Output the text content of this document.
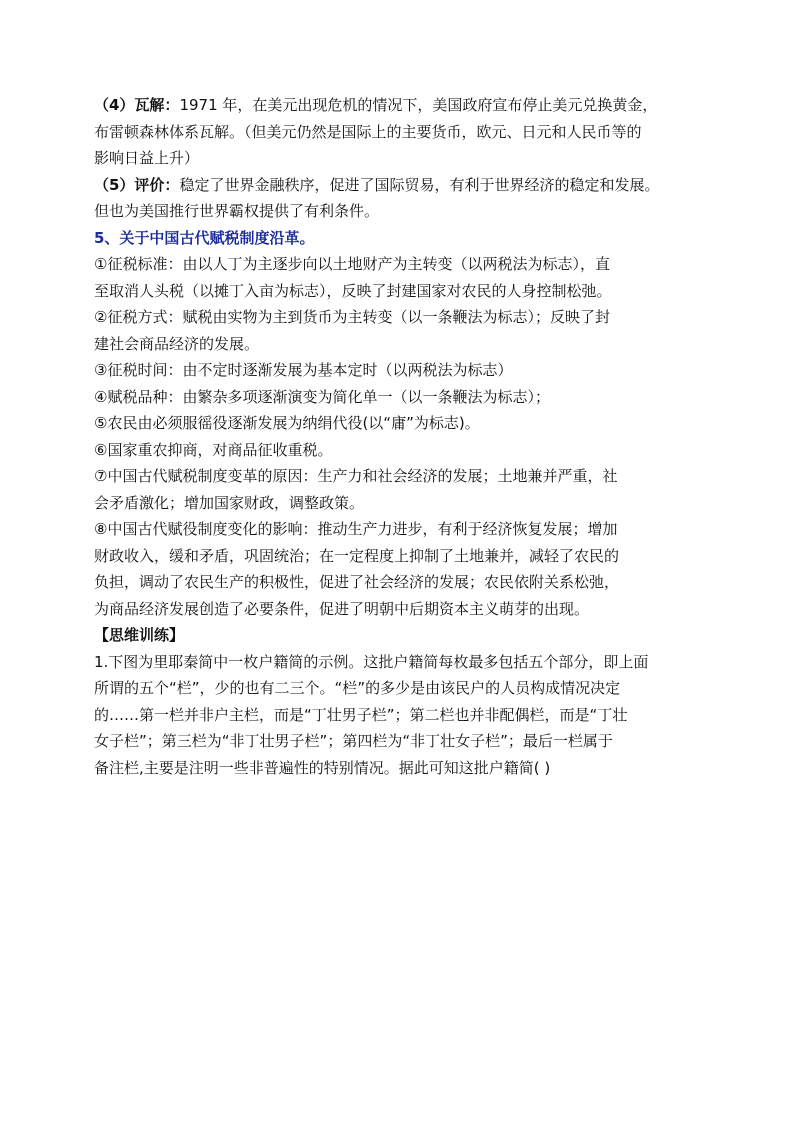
（4）瓦解：1971 年，在美元出现危机的情况下，美国政府宣布停止美元兑换黄金，

布雷顿森林体系瓦解。（但美元仍然是国际上的主要货币，欧元、日元和人民币等的

影响日益上升）

（5）评价：稳定了世界金融秩序，促进了国际贸易，有利于世界经济的稳定和发展。

但也为美国推行世界霸权提供了有利条件。

5、关于中国古代赋税制度沿革。

①征税标准：由以人丁为主逐步向以土地财产为主转变（以两税法为标志），直

至取消人头税（以摊丁入亩为标志），反映了封建国家对农民的人身控制松弛。

②征税方式：赋税由实物为主到货币为主转变（以一条鞭法为标志）；反映了封

建社会商品经济的发展。

③征税时间：由不定时逐渐发展为基本定时（以两税法为标志）

④赋税品种：由繁杂多项逐渐演变为简化单一（以一条鞭法为标志）；

⑤农民由必须服徭役逐渐发展为纳绢代役(以“庸”为标志)。

⑥国家重农抑商，对商品征收重税。

⑦中国古代赋税制度变革的原因：生产力和社会经济的发展；土地兼并严重，社

会矛盾激化；增加国家财政，调整政策。

⑧中国古代赋役制度变化的影响：推动生产力进步，有利于经济恢复发展；增加

财政收入，缓和矛盾，巩固统治；在一定程度上抑制了土地兼并，减轻了农民的

负担，调动了农民生产的积极性，促进了社会经济的发展；农民依附关系松弛，

为商品经济发展创造了必要条件，促进了明朝中后期资本主义萌芽的出现。

【思维训练】

1.下图为里耶秦简中一枚户籍简的示例。这批户籍简每枚最多包括五个部分，即上面

所谓的五个“栏”，少的也有二三个。“栏”的多少是由该民户的人员构成情况决定

的……第一栏并非户主栏，而是“丁壮男子栏”；第二栏也并非配偶栏，而是“丁壮

女子栏”；第三栏为“非丁壮男子栏”；第四栏为“非丁壮女子栏”；最后一栏属于

备注栏,主要是注明一些非普遍性的特别情况。据此可知这批户籍简( )
